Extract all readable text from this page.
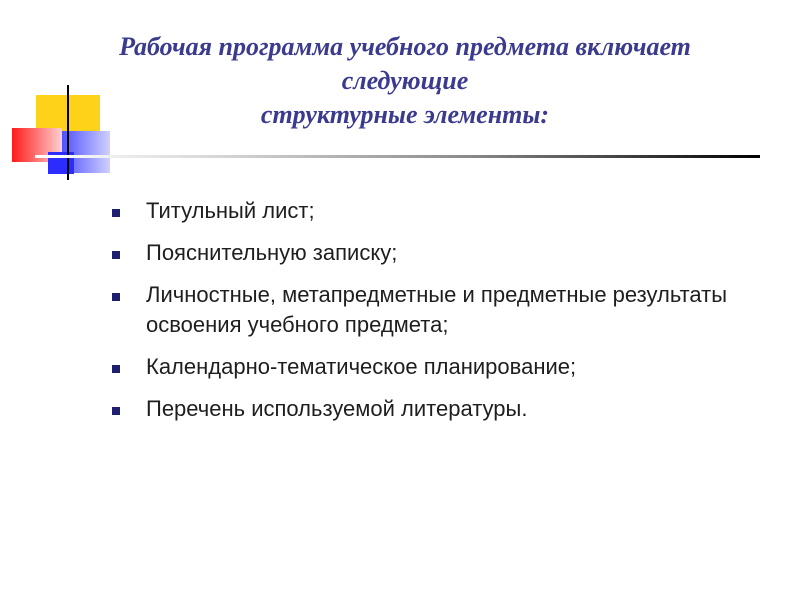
Рабочая программа учебного предмета включает
следующие
структурные элементы:
Титульный лист;
Пояснительную записку;
Личностные, метапредметные и предметные результаты освоения учебного предмета;
Календарно-тематическое планирование;
Перечень используемой литературы.
